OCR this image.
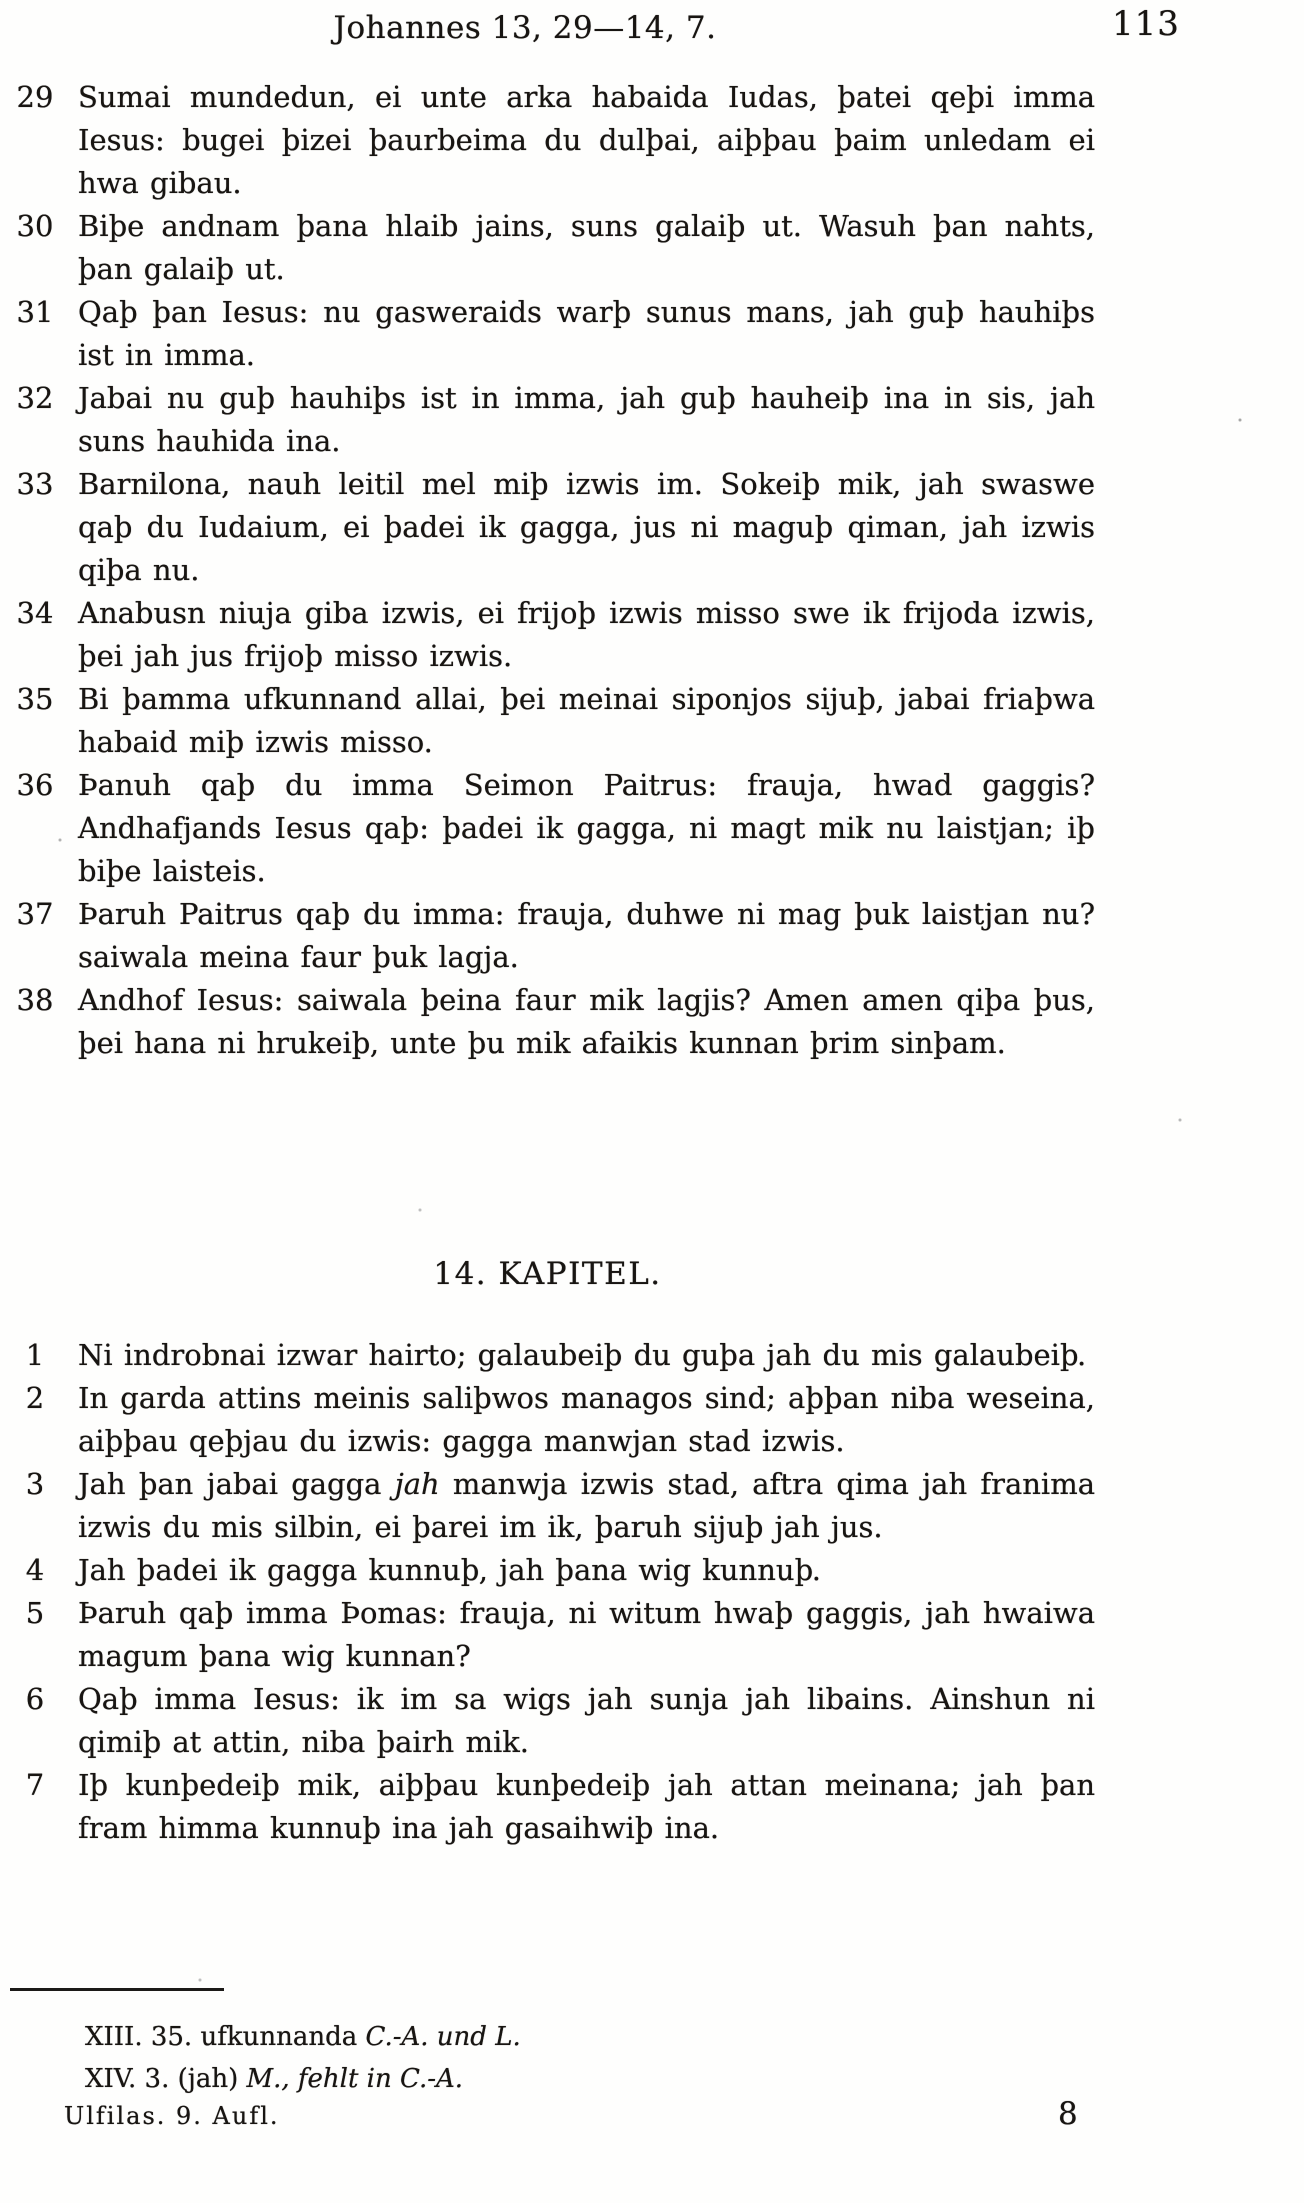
Johannes 13, 29—14, 7.	113
29 Sumai mundedun, ei unte arka habaida Iudas, þatei qeþi imma Iesus: bugei þizei þaurbeima du dulþai, aiþþau þaim unledam ei hwa gibau.
30 Biþe andnam þana hlaib jains, suns galaiþ ut. Wasuh þan nahts, þan galaiþ ut.
31 Qaþ þan Iesus: nu gasweraids warþ sunus mans, jah guþ hauhiþs ist in imma.
32 Jabai nu guþ hauhiþs ist in imma, jah guþ hauheiþ ina in sis, jah suns hauhida ina.
33 Barnilona, nauh leitil mel miþ izwis im. Sokeiþ mik, jah swaswe qaþ du Iudaium, ei þadei ik gagga, jus ni maguþ qiman, jah izwis qiþa nu.
34 Anabusn niuja giba izwis, ei frijoþ izwis misso swe ik frijoda izwis, þei jah jus frijoþ misso izwis.
35 Bi þamma ufkunnand allai, þei meinai siponjos sijuþ, jabai friaþwa habaid miþ izwis misso.
36 Þanuh qaþ du imma Seimon Paitrus: frauja, hwad gaggis? Andhafjands Iesus qaþ: þadei ik gagga, ni magt mik nu laistjan; iþ biþe laisteis.
37 Þaruh Paitrus qaþ du imma: frauja, duhwe ni mag þuk laistjan nu? saiwala meina faur þuk lagja.
38 Andhof Iesus: saiwala þeina faur mik lagjis? Amen amen qiþa þus, þei hana ni hrukeiþ, unte þu mik afaikis kunnan þrim sinþam.
14. KAPITEL.
1	Ni indrobnai izwar hairto; galaubeiþ du guþa jah du mis galaubeiþ.
2	In garda attins meinis saliþwos managos sind; aþþan niba weseina, aiþþau qeþjau du izwis: gagga manwjan stad izwis.
3	Jah þan jabai gagga jah manwja izwis stad, aftra qima jah franima izwis du mis silbin, ei þarei im ik, þaruh sijuþ jah jus.
4	Jah þadei ik gagga kunnuþ, jah þana wig kunnuþ.
5	Þaruh qaþ imma Þomas: frauja, ni witum hwaþ gaggis, jah hwaiwa magum þana wig kunnan?
6	Qaþ imma Iesus: ik im sa wigs jah sunja jah libains. Ainshun ni qimiþ at attin, niba þairh mik.
7	Iþ kunþedeiþ mik, aiþþau kunþedeiþ jah attan meinana; jah þan fram himma kunnuþ ina jah gasaihwiþ ina.
XIII. 35. ufkunnanda C.-A. und L.
XIV. 3. (jah) M., fehlt in C.-A.
Ulfilas. 9. Aufl.	8
